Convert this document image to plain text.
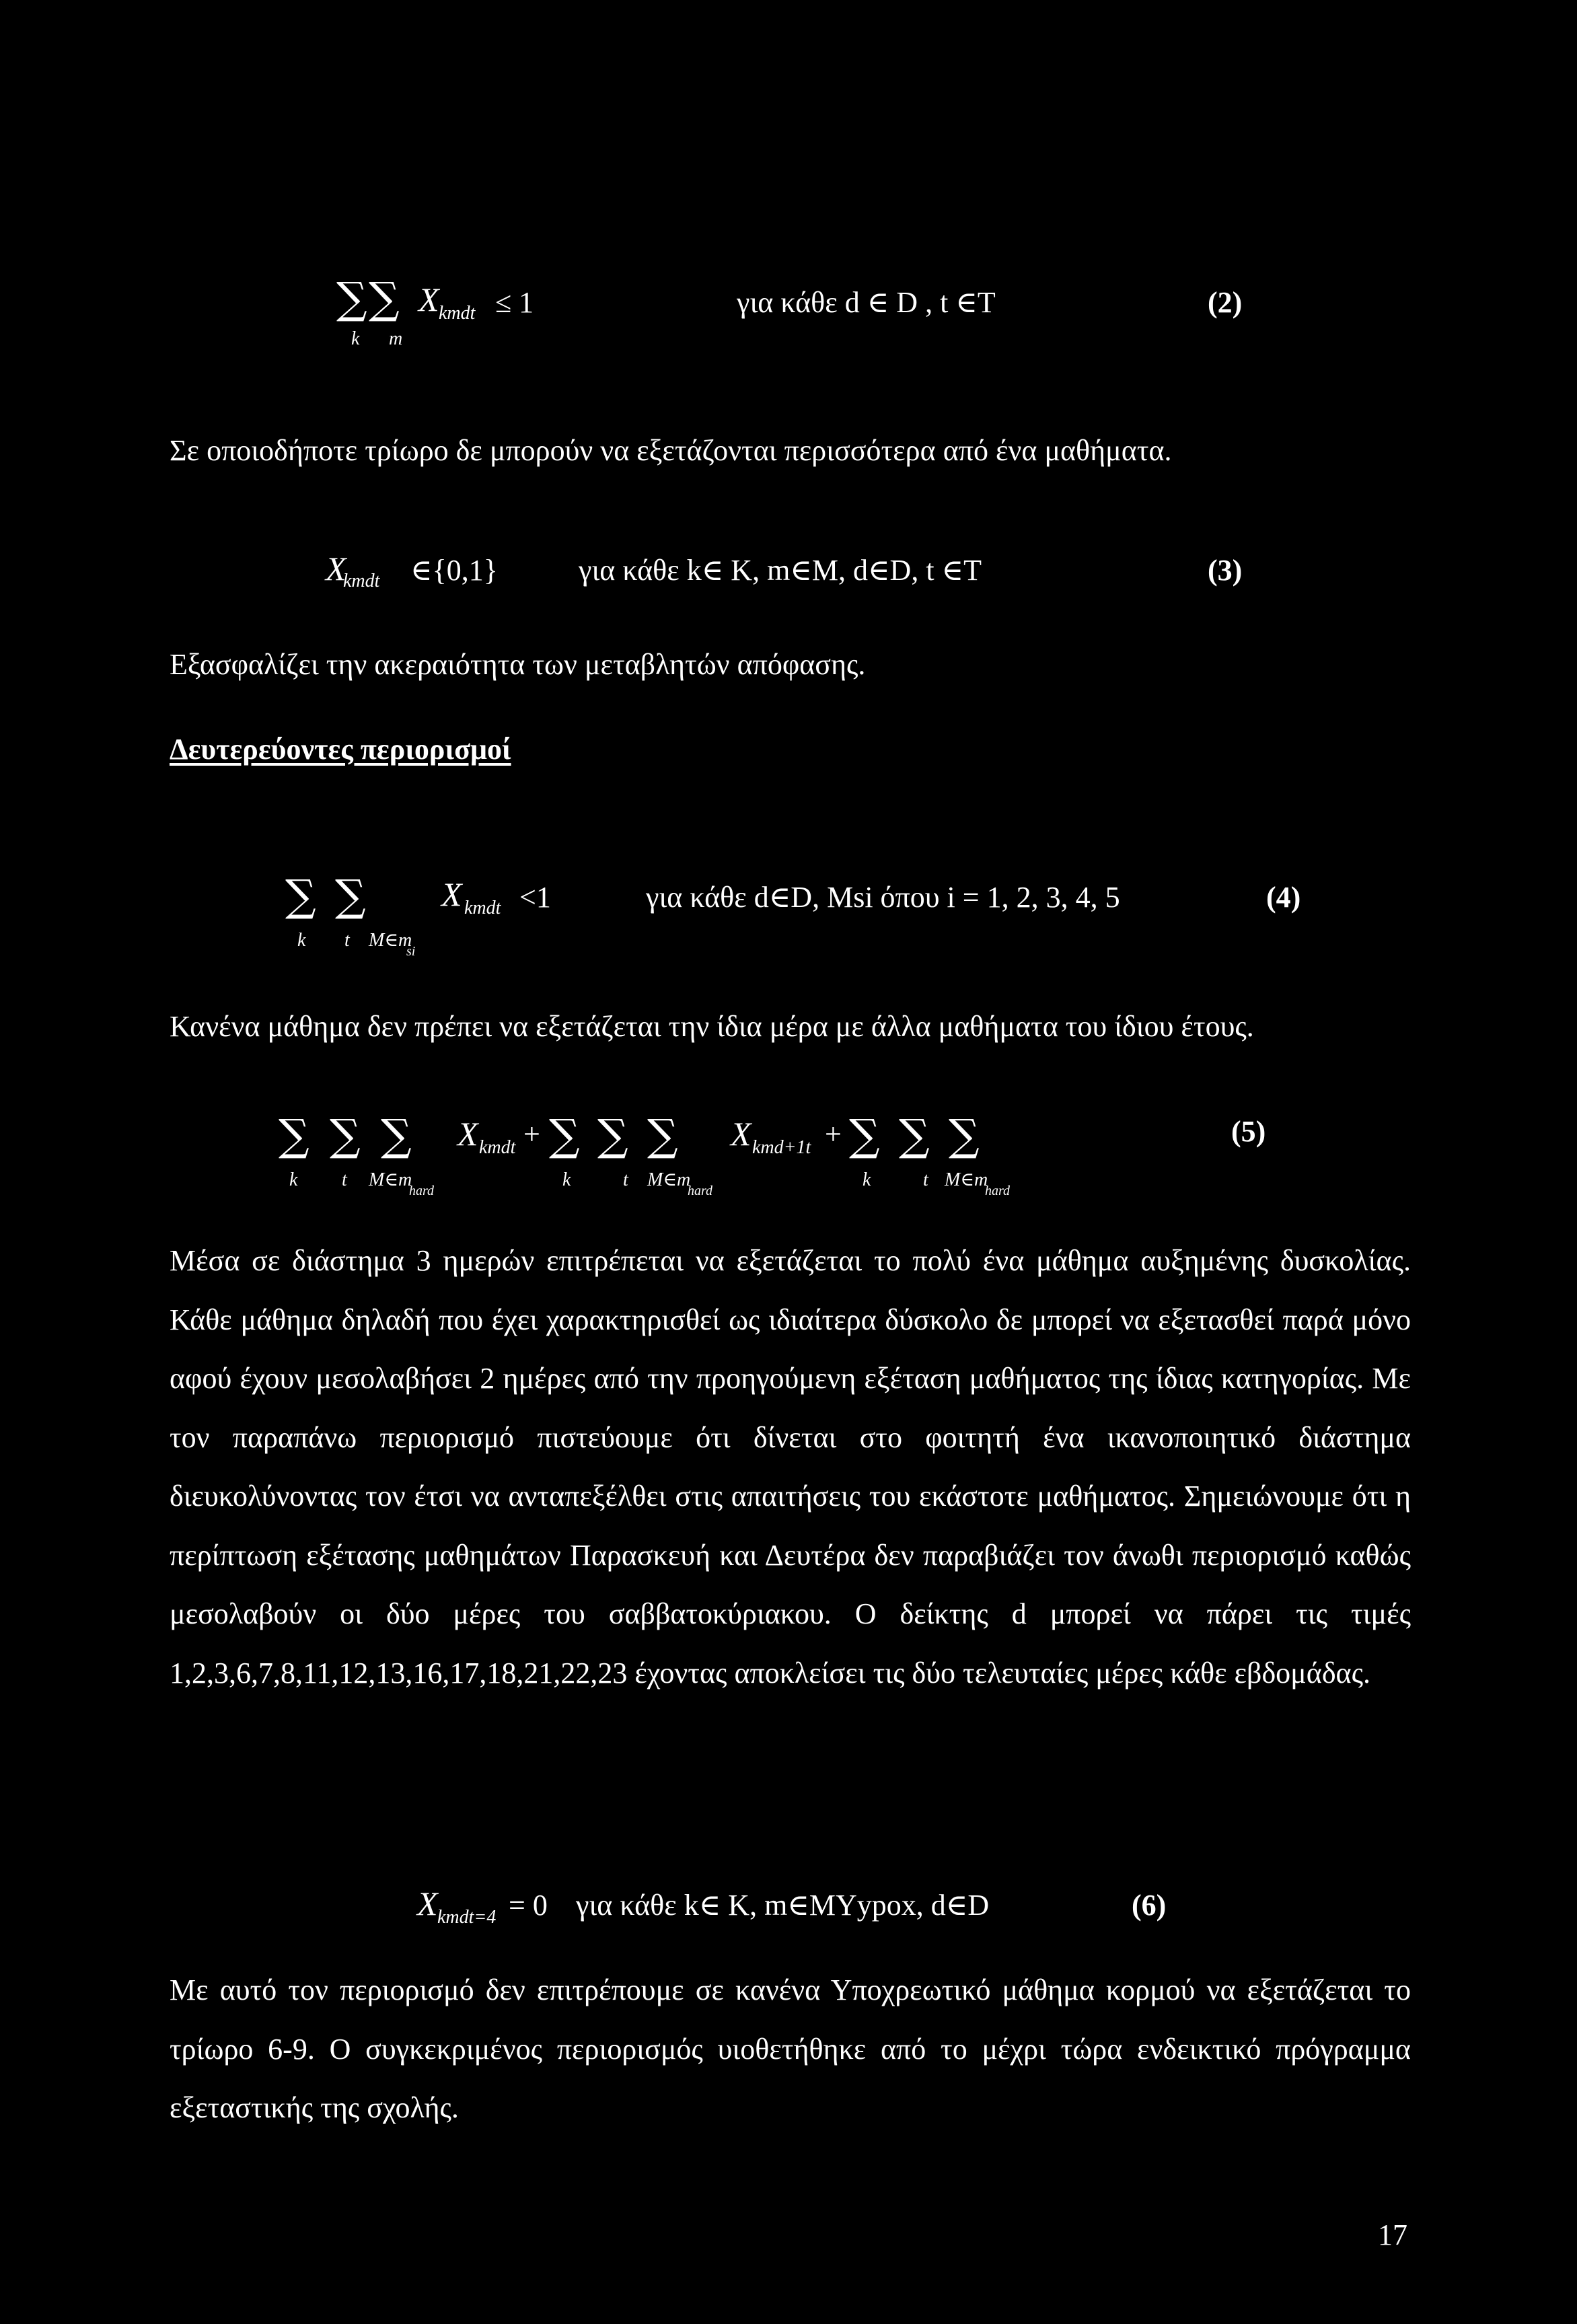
∑ ∑ X kmdt ≤ 1
k m
για κάθε d ∈ D , t ∈T	(2)
Σε οποιοδήποτε τρίωρο δε μπορούν να εξετάζονται περισσότερα από ένα μαθήματα.
X
kmdt ∈{0,1}	για κάθε k∈ K, m∈M, d∈D, t ∈T	(3)
Εξασφαλίζει την ακεραιότητα των μεταβλητών απόφασης.
Δευτερεύοντες περιορισμοί
∑ ∑ X kmdt <1
k t M∈m
si
για κάθε d∈D, Msi όπου i = 1, 2, 3, 4, 5	(4)
Κανένα μάθημα δεν πρέπει να εξετάζεται την ίδια μέρα με άλλα μαθήματα του ίδιου έτους.
∑ ∑ ∑ X kmdt + ∑ ∑ ∑ X kmd+1t + ∑ ∑ ∑
k t M∈m
hard
k	t M∈m
hard
k	t M∈m
hard
(5)
Μέσα σε διάστημα 3 ημερών επιτρέπεται να εξετάζεται το πολύ ένα μάθημα αυξημένης δυσκολίας. Κάθε μάθημα δηλαδή που έχει χαρακτηρισθεί ως ιδιαίτερα δύσκολο δε μπορεί να εξετασθεί παρά μόνο αφού έχουν μεσολαβήσει 2 ημέρες από την προηγούμενη εξέταση μαθήματος της ίδιας κατηγορίας. Με τον παραπάνω περιορισμό πιστεύουμε ότι δίνεται στο φοιτητή ένα ικανοποιητικό διάστημα διευκολύνοντας τον έτσι να ανταπεξέλθει στις απαιτήσεις του εκάστοτε μαθήματος. Σημειώνουμε ότι η περίπτωση εξέτασης μαθημάτων Παρασκευή και Δευτέρα δεν παραβιάζει τον άνωθι περιορισμό καθώς μεσολαβούν οι δύο μέρες του σαββατοκύριακου. Ο δείκτης d μπορεί να πάρει τις τιμές 1,2,3,6,7,8,11,12,13,16,17,18,21,22,23 έχοντας αποκλείσει τις δύο τελευταίες μέρες κάθε εβδομάδας.
X kmdt=4 = 0 για κάθε k∈ K, m∈MYypox, d∈D	(6)
Με αυτό τον περιορισμό δεν επιτρέπουμε σε κανένα Υποχρεωτικό μάθημα κορμού να εξετάζεται το τρίωρο 6-9. Ο συγκεκριμένος περιορισμός υιοθετήθηκε από το μέχρι τώρα ενδεικτικό πρόγραμμα εξεταστικής της σχολής.
17
